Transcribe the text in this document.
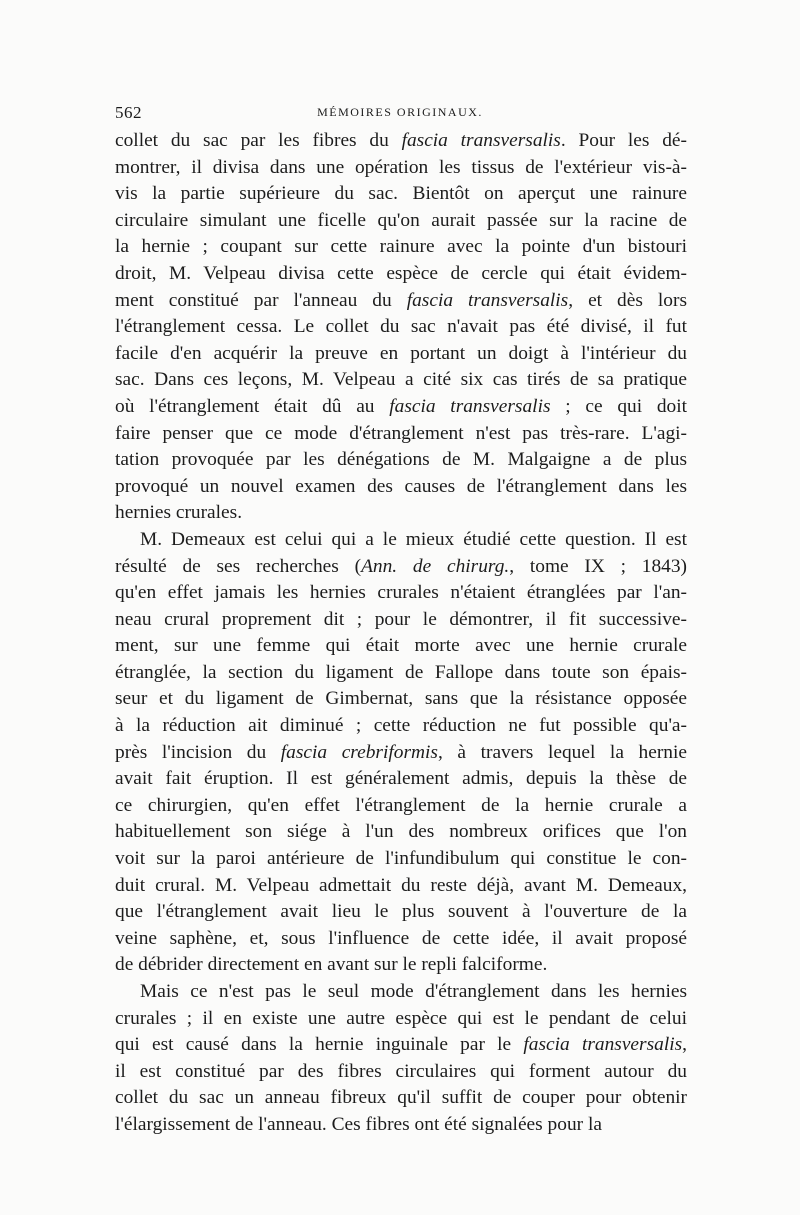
562	MÉMOIRES ORIGINAUX.

collet du sac par les fibres du fascia transversalis. Pour les dé-
montrer, il divisa dans une opération les tissus de l'extérieur vis-à-
vis la partie supérieure du sac. Bientôt on aperçut une rainure
circulaire simulant une ficelle qu'on aurait passée sur la racine de
la hernie ; coupant sur cette rainure avec la pointe d'un bistouri
droit, M. Velpeau divisa cette espèce de cercle qui était évidem-
ment constitué par l'anneau du fascia transversalis, et dès lors
l'étranglement cessa. Le collet du sac n'avait pas été divisé, il fut
facile d'en acquérir la preuve en portant un doigt à l'intérieur du
sac. Dans ces leçons, M. Velpeau a cité six cas tirés de sa pratique
où l'étranglement était dû au fascia transversalis ; ce qui doit
faire penser que ce mode d'étranglement n'est pas très-rare. L'agi-
tation provoquée par les dénégations de M. Malgaigne a de plus
provoqué un nouvel examen des causes de l'étranglement dans les
hernies crurales.

M. Demeaux est celui qui a le mieux étudié cette question. Il est
résulté de ses recherches (Ann. de chirurg., tome IX ; 1843)
qu'en effet jamais les hernies crurales n'étaient étranglées par l'an-
neau crural proprement dit ; pour le démontrer, il fit successive-
ment, sur une femme qui était morte avec une hernie crurale
étranglée, la section du ligament de Fallope dans toute son épais-
seur et du ligament de Gimbernat, sans que la résistance opposée
à la réduction ait diminué ; cette réduction ne fut possible qu'a-
près l'incision du fascia crebriformis, à travers lequel la hernie
avait fait éruption. Il est généralement admis, depuis la thèse de
ce chirurgien, qu'en effet l'étranglement de la hernie crurale a
habituellement son siége à l'un des nombreux orifices que l'on
voit sur la paroi antérieure de l'infundibulum qui constitue le con-
duit crural. M. Velpeau admettait du reste déjà, avant M. Demeaux,
que l'étranglement avait lieu le plus souvent à l'ouverture de la
veine saphène, et, sous l'influence de cette idée, il avait proposé
de débrider directement en avant sur le repli falciforme.

Mais ce n'est pas le seul mode d'étranglement dans les hernies
crurales ; il en existe une autre espèce qui est le pendant de celui
qui est causé dans la hernie inguinale par le fascia transversalis,
il est constitué par des fibres circulaires qui forment autour du
collet du sac un anneau fibreux qu'il suffit de couper pour obtenir
l'élargissement de l'anneau. Ces fibres ont été signalées pour la
